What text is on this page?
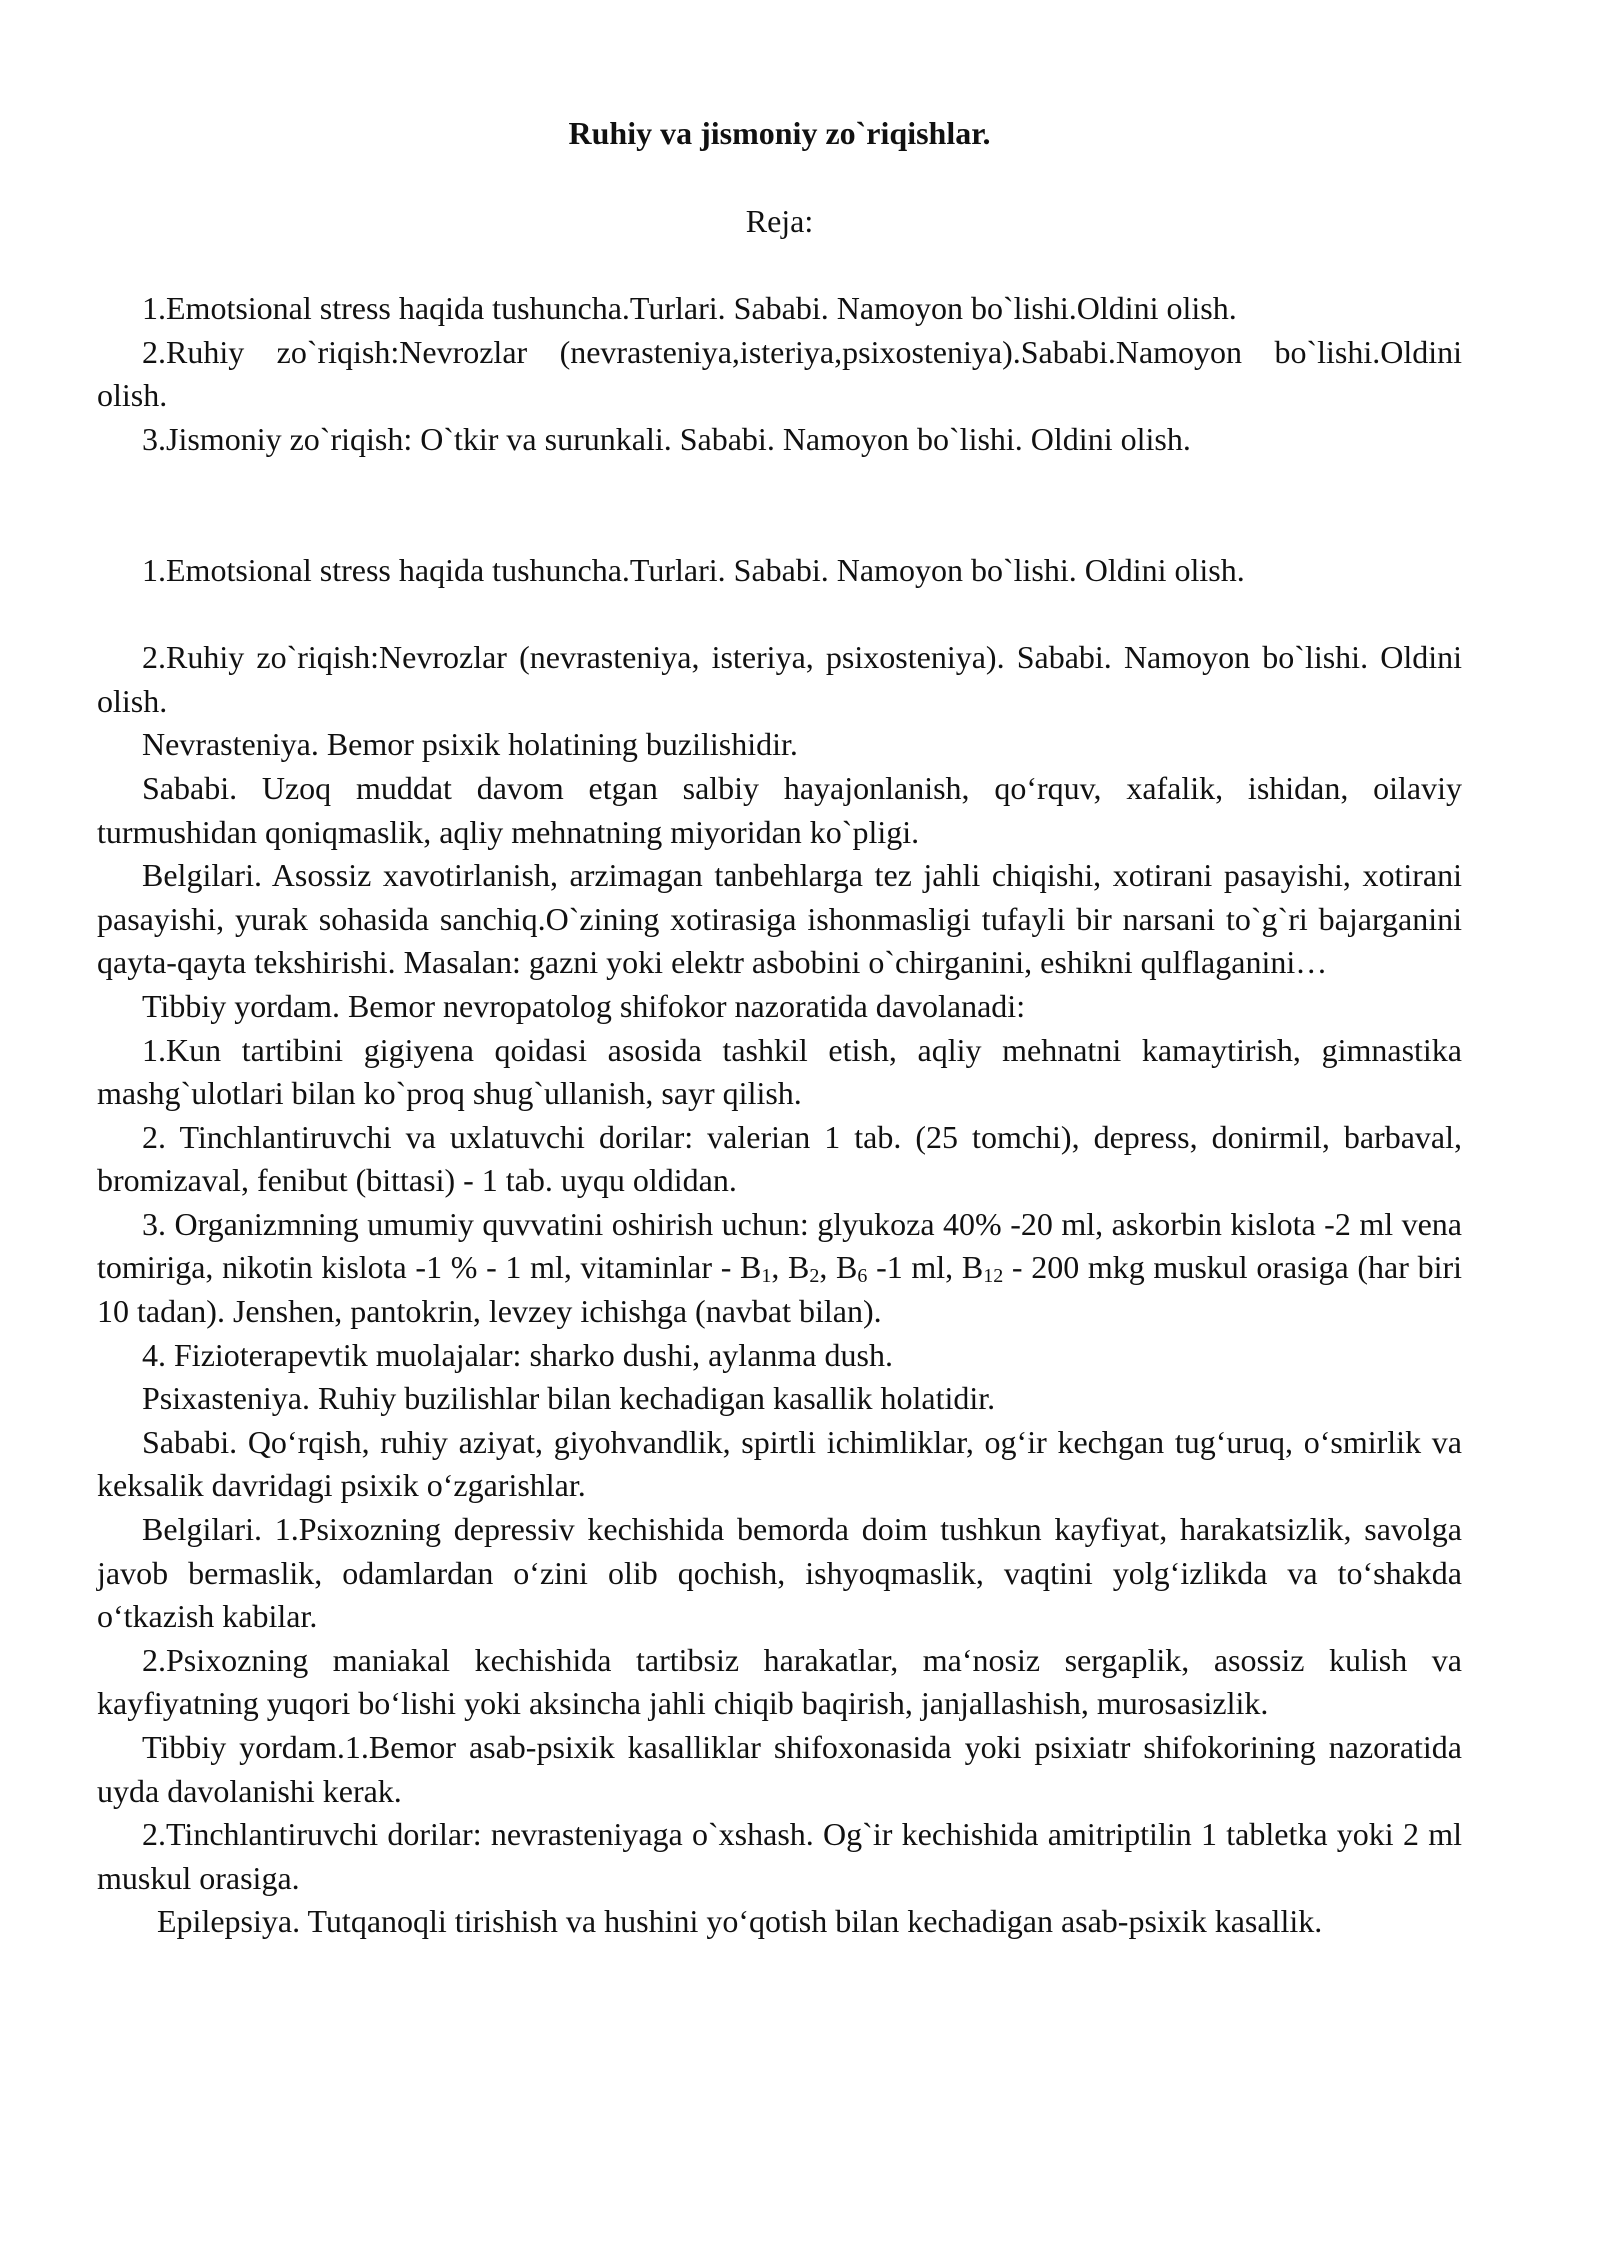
Ruhiy va jismoniy zo`riqishlar.

Reja:

1.Emotsional stress haqida tushuncha.Turlari. Sababi. Namoyon bo`lishi.Oldini olish.

2.Ruhiy zo`riqish:Nevrozlar (nevrasteniya,isteriya,psixosteniya).Sababi.Namoyon bo`lishi.Oldini olish.

3.Jismoniy zo`riqish: O`tkir va surunkali. Sababi. Namoyon bo`lishi. Oldini olish.

1.Emotsional stress haqida tushuncha.Turlari. Sababi. Namoyon bo`lishi. Oldini olish.

2.Ruhiy zo`riqish:Nevrozlar (nevrasteniya, isteriya, psixosteniya). Sababi. Namoyon bo`lishi. Oldini olish.

Nevrasteniya. Bemor psixik holatining buzilishidir.

Sababi. Uzoq muddat davom etgan salbiy hayajonlanish, qo‘rquv, xafalik, ishidan, oilaviy turmushidan qoniqmaslik, aqliy mehnatning miyoridan ko`pligi.

Belgilari. Asossiz xavotirlanish, arzimagan tanbehlarga tez jahli chiqishi, xotirani pasayishi, xotirani pasayishi, yurak sohasida sanchiq.O`zining xotirasiga ishonmasligi tufayli bir narsani to`g`ri bajarganini qayta-qayta tekshirishi. Masalan: gazni yoki elektr asbobini o`chirganini, eshikni qulflaganini…

Tibbiy yordam. Bemor nevropatolog shifokor nazoratida davolanadi:

1.Kun tartibini gigiyena qoidasi asosida tashkil etish, aqliy mehnatni kamaytirish, gimnastika mashg`ulotlari bilan ko`proq shug`ullanish, sayr qilish.

2. Tinchlantiruvchi va uxlatuvchi dorilar: valerian 1 tab. (25 tomchi), depress, donirmil, barbaval, bromizaval, fenibut (bittasi) - 1 tab. uyqu oldidan.

3. Organizmning umumiy quvvatini oshirish uchun: glyukoza 40% -20 ml, askorbin kislota -2 ml vena tomiriga, nikotin kislota -1 % - 1 ml, vitaminlar - $B_1$, $B_2$, $B_6$ -1 ml, $B_{12} - 200$ mkg muskul orasiga (har biri 10 tadan). Jenshen, pantokrin, levzey ichishga (navbat bilan).

4. Fizioterapevtik muolajalar: sharko dushi, aylanma dush.

Psixasteniya. Ruhiy buzilishlar bilan kechadigan kasallik holatidir.

Sababi. Qo‘rqish, ruhiy aziyat, giyohvandlik, spirtli ichimliklar, og‘ir kechgan tug‘uruq, o‘smirlik va keksalik davridagi psixik o‘zgarishlar.

Belgilari. 1.Psixozning depressiv kechishida bemorda doim tushkun kayfiyat, harakatsizlik, savolga javob bermaslik, odamlardan o‘zini olib qochish, ishyoqmaslik, vaqtini yolg‘izlikda va to‘shakda o‘tkazish kabilar.

2.Psixozning maniakal kechishida tartibsiz harakatlar, ma‘nosiz sergaplik, asossiz kulish va kayfiyatning yuqori bo‘lishi yoki aksincha jahli chiqib baqirish, janjallashish, murosasizlik.

Tibbiy yordam.1.Bemor asab-psixik kasalliklar shifoxonasida yoki psixiatr shifokorining nazoratida uyda davolanishi kerak.

2.Tinchlantiruvchi dorilar: nevrasteniyaga o`xshash. Og`ir kechishida amitriptilin 1 tabletka yoki 2 ml muskul orasiga.

Epilepsiya. Tutqanoqli tirishish va hushini yo‘qotish bilan kechadigan asab-psixik kasallik.
